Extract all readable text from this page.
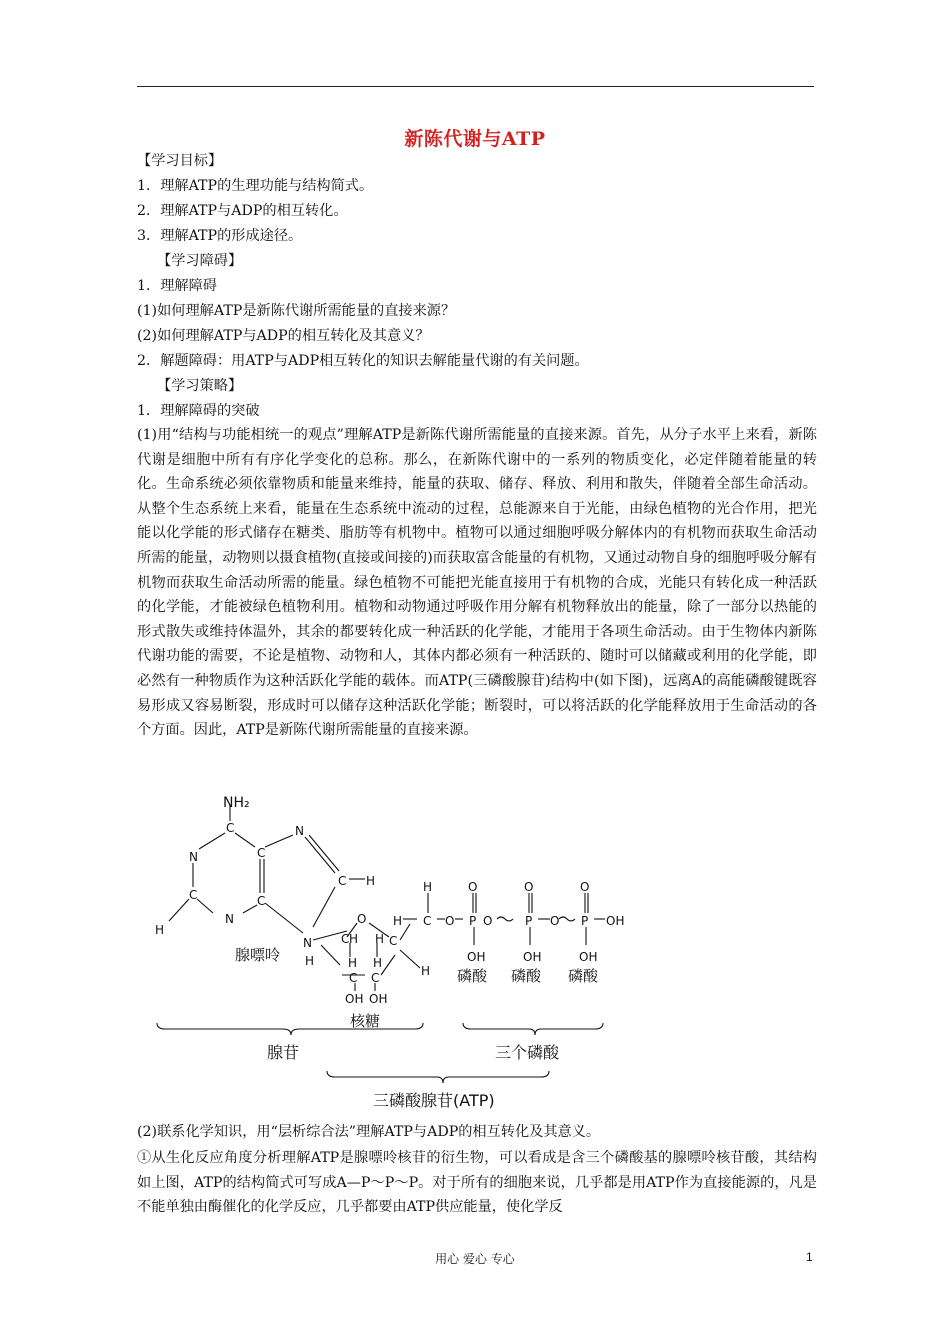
新陈代谢与ATP
【学习目标】
1．理解ATP的生理功能与结构简式。
2．理解ATP与ADP的相互转化。
3．理解ATP的形成途径。
【学习障碍】
1．理解障碍
(1)如何理解ATP是新陈代谢所需能量的直接来源？
(2)如何理解ATP与ADP的相互转化及其意义？
2．解题障碍：用ATP与ADP相互转化的知识去解能量代谢的有关问题。
【学习策略】
1．理解障碍的突破
(1)用“结构与功能相统一的观点”理解ATP是新陈代谢所需能量的直接来源。首先，从分子水平上来看，新陈代谢是细胞中所有有序化学变化的总称。那么，在新陈代谢中的一系列的物质变化，必定伴随着能量的转化。生命系统必须依靠物质和能量来维持，能量的获取、储存、释放、利用和散失，伴随着全部生命活动。从整个生态系统上来看，能量在生态系统中流动的过程，总能源来自于光能，由绿色植物的光合作用，把光能以化学能的形式储存在糖类、脂肪等有机物中。植物可以通过细胞呼吸分解体内的有机物而获取生命活动所需的能量，动物则以摄食植物(直接或间接的)而获取富含能量的有机物，又通过动物自身的细胞呼吸分解有机物而获取生命活动所需的能量。绿色植物不可能把光能直接用于有机物的合成，光能只有转化成一种活跃的化学能，才能被绿色植物利用。植物和动物通过呼吸作用分解有机物释放出的能量，除了一部分以热能的形式散失或维持体温外，其余的都要转化成一种活跃的化学能，才能用于各项生命活动。由于生物体内新陈代谢功能的需要，不论是植物、动物和人，其体内都必须有一种活跃的、随时可以储藏或利用的化学能，即必然有一种物质作为这种活跃化学能的载体。而ATP(三磷酸腺苷)结构中(如下图)，远离A的高能磷酸键既容易形成又容易断裂，形成时可以储存这种活跃化学能；断裂时，可以将活跃的化学能释放用于生命活动的各个方面。因此，ATP是新陈代谢所需能量的直接来源。
NH₂
C
N	C
N
C H
C	C
N
H
N
O
C H H C
H	H H
C C
OH OH
H
H
H C O
O
P
OH
O
O
P
OH
O
O
P
OH
OH
腺嘌呤
核糖
磷酸 磷酸 磷酸
腺苷	三个磷酸
三磷酸腺苷(ATP)
(2)联系化学知识，用“层析综合法”理解ATP与ADP的相互转化及其意义。
①从生化反应角度分析理解ATP是腺嘌呤核苷的衍生物，可以看成是含三个磷酸基的腺嘌呤核苷酸，其结构如上图，ATP的结构简式可写成A—P～P～P。对于所有的细胞来说，几乎都是用ATP作为直接能源的，凡是不能单独由酶催化的化学反应，几乎都要由ATP供应能量，使化学反
用心 爱心 专心	1
